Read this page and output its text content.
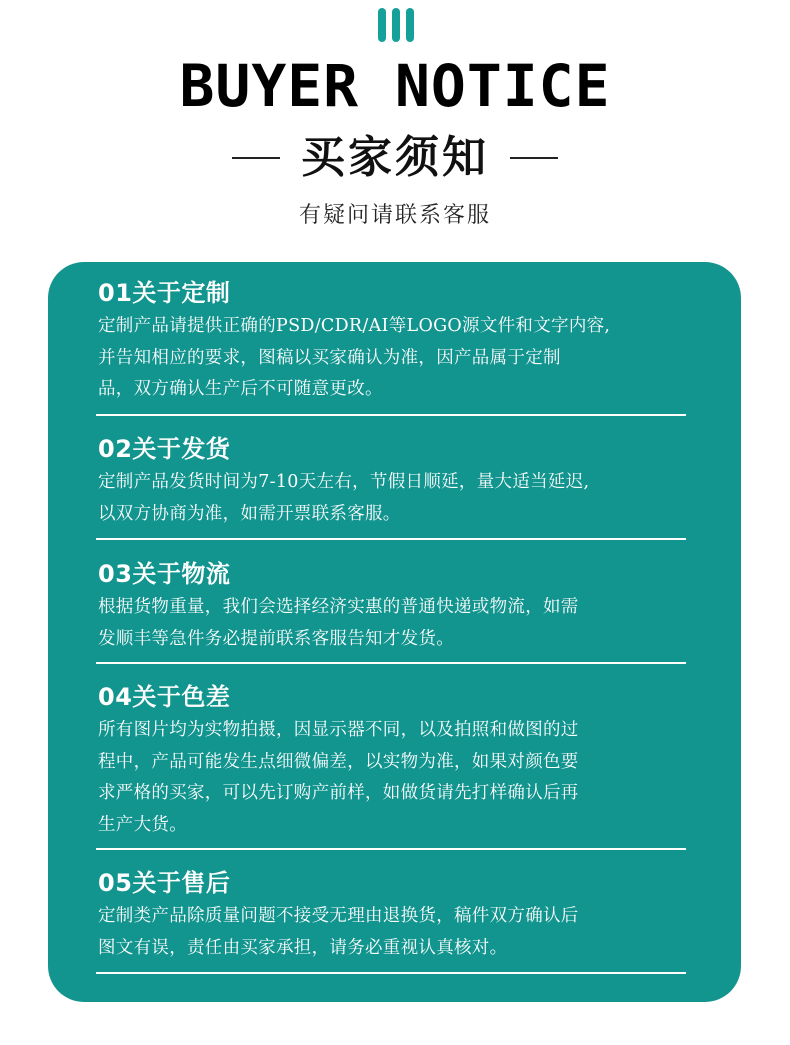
BUYER NOTICE
买家须知
有疑问请联系客服
01关于定制

定制产品请提供正确的PSD/CDR/AI等LOGO源文件和文字内容,
并告知相应的要求，图稿以买家确认为准，因产品属于定制
品，双方确认生产后不可随意更改。

02关于发货

定制产品发货时间为7-10天左右，节假日顺延，量大适当延迟,
以双方协商为准，如需开票联系客服。

03关于物流

根据货物重量，我们会选择经济实惠的普通快递或物流，如需
发顺丰等急件务必提前联系客服告知才发货。

04关于色差

所有图片均为实物拍摄，因显示器不同，以及拍照和做图的过
程中，产品可能发生点细微偏差，以实物为准，如果对颜色要
求严格的买家，可以先订购产前样，如做货请先打样确认后再
生产大货。

05关于售后

定制类产品除质量问题不接受无理由退换货，稿件双方确认后
图文有误，责任由买家承担，请务必重视认真核对。
